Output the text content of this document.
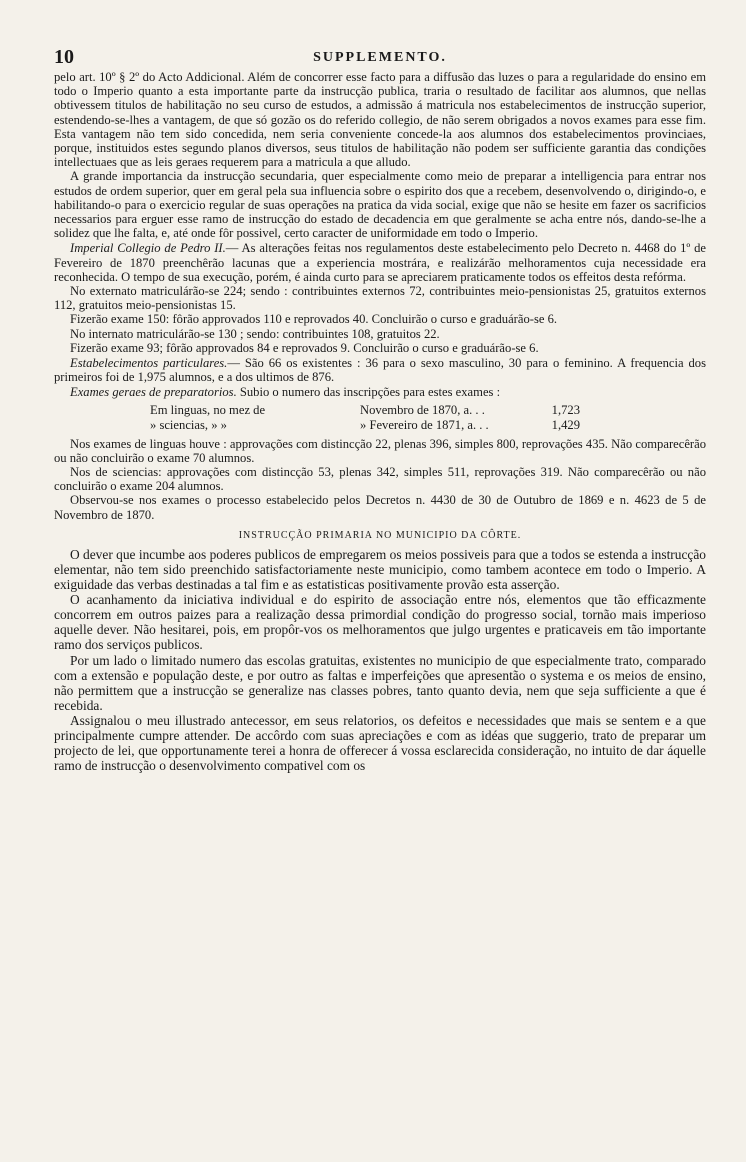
10	SUPPLEMENTO.

pelo art. 10º § 2º do Acto Addicional. Além de concorrer esse facto para a diffusão das luzes o para a regularidade do ensino em todo o Imperio quanto a esta importante parte da instrucção publica, traria o resultado de facilitar aos alumnos, que nellas obtivessem titulos de habilitação no seu curso de estudos, a admissão á matricula nos estabelecimentos de instrucção superior, estendendo-se-lhes a vantagem, de que só gozão os do referido collegio, de não serem obrigados a novos exames para esse fim. Esta vantagem não tem sido concedida, nem seria conveniente concede-la aos alumnos dos estabelecimentos provinciaes, porque, instituidos estes segundo planos diversos, seus titulos de habilitação não podem ser sufficiente garantia das condições intellectuaes que as leis geraes requerem para a matricula a que alludo.

A grande importancia da instrucção secundaria, quer especialmente como meio de preparar a intelligencia para entrar nos estudos de ordem superior, quer em geral pela sua influencia sobre o espirito dos que a recebem, desenvolvendo o, dirigindo-o, e habilitando-o para o exercicio regular de suas operações na pratica da vida social, exige que não se hesite em fazer os sacrificios necessarios para erguer esse ramo de instrucção do estado de decadencia em que geralmente se acha entre nós, dando-se-lhe a solidez que lhe falta, e, até onde fôr possivel, certo caracter de uniformidade em todo o Imperio.

Imperial Collegio de Pedro II.— As alterações feitas nos regulamentos deste estabelecimento pelo Decreto n. 4468 do 1º de Fevereiro de 1870 preenchêrão lacunas que a experiencia mostrára, e realizárão melhoramentos cuja necessidade era reconhecida. O tempo de sua execução, porém, é ainda curto para se apreciarem praticamente todos os effeitos desta refórma.

No externato matriculárão-se 224; sendo : contribuintes externos 72, contribuintes meio-pensionistas 25, gratuitos externos 112, gratuitos meio-pensionistas 15.

Fizerão exame 150: fôrão approvados 110 e reprovados 40. Concluirão o curso e graduárão-se 6.

No internato matriculárão-se 130 ; sendo: contribuintes 108, gratuitos 22.

Fizerão exame 93; fôrão approvados 84 e reprovados 9. Concluirão o curso e graduárão-se 6.

Estabelecimentos particulares.— São 66 os existentes : 36 para o sexo masculino, 30 para o feminino. A frequencia dos primeiros foi de 1,975 alumnos, e a dos ultimos de 876.

Exames geraes de preparatorios. Subio o numero das inscripções para estes exames :

Em linguas, no mez de	Novembro de 1870, a. . .	1,723
» sciencias, » »	» Fevereiro de 1871, a. . .	1,429

Nos exames de linguas houve : approvações com distincção 22, plenas 396, simples 800, reprovações 435. Não comparecêrão ou não concluirão o exame 70 alumnos.

Nos de sciencias: approvações com distincção 53, plenas 342, simples 511, reprovações 319. Não comparecêrão ou não concluirão o exame 204 alumnos.

Observou-se nos exames o processo estabelecido pelos Decretos n. 4430 de 30 de Outubro de 1869 e n. 4623 de 5 de Novembro de 1870.

INSTRUCÇÃO PRIMARIA NO MUNICIPIO DA CÔRTE.

O dever que incumbe aos poderes publicos de empregarem os meios possiveis para que a todos se estenda a instrucção elementar, não tem sido preenchido satisfactoriamente neste municipio, como tambem acontece em todo o Imperio. A exiguidade das verbas destinadas a tal fim e as estatisticas positivamente provão esta asserção.

O acanhamento da iniciativa individual e do espirito de associação entre nós, elementos que tão efficazmente concorrem em outros paizes para a realização dessa primordial condição do progresso social, tornão mais imperioso aquelle dever. Não hesitarei, pois, em propôr-vos os melhoramentos que julgo urgentes e praticaveis em tão importante ramo dos serviços publicos.

Por um lado o limitado numero das escolas gratuitas, existentes no municipio de que especialmente trato, comparado com a extensão e população deste, e por outro as faltas e imperfeições que apresentão o systema e os meios de ensino, não permittem que a instrucção se generalize nas classes pobres, tanto quanto devia, nem que seja sufficiente a que é recebida.

Assignalou o meu illustrado antecessor, em seus relatorios, os defeitos e necessidades que mais se sentem e a que principalmente cumpre attender. De accôrdo com suas apreciações e com as idéas que suggerio, trato de preparar um projecto de lei, que opportunamente terei a honra de offerecer á vossa esclarecida consideração, no intuito de dar áquelle ramo de instrucção o desenvolvimento compativel com os
